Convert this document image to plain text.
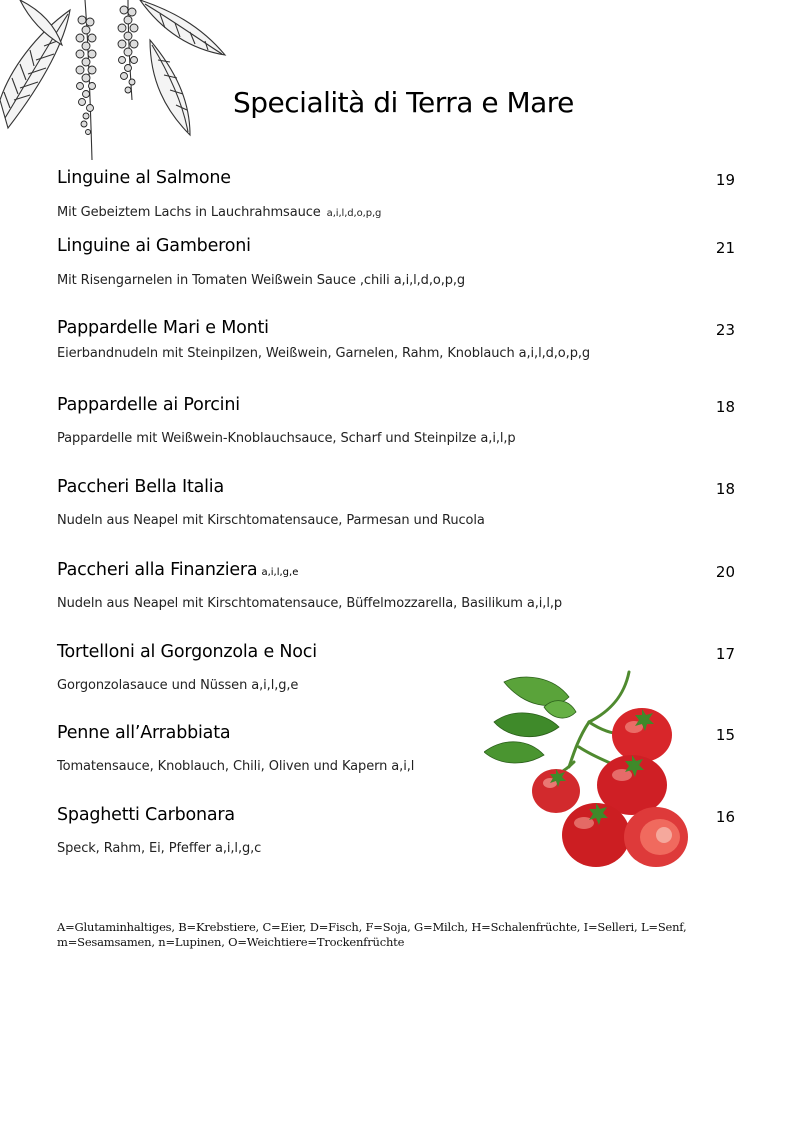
Specialità di Terra e Mare
Linguine al Salmone	19
Mit Gebeiztem Lachs in Lauchrahmsauce a,i,l,d,o,p,g
Linguine ai Gamberoni	21
Mit Risengarnelen in Tomaten Weißwein Sauce ,chili a,i,l,d,o,p,g
Pappardelle Mari e Monti	23
Eierbandnudeln mit Steinpilzen, Weißwein, Garnelen, Rahm, Knoblauch a,i,l,d,o,p,g
Pappardelle ai Porcini	18
Pappardelle mit Weißwein-Knoblauchsauce, Scharf und Steinpilze a,i,l,p
Paccheri Bella Italia	18
Nudeln aus Neapel mit Kirschtomatensauce, Parmesan und Rucola
Paccheri alla Finanziera a,i,l,g,e	20
Nudeln aus Neapel mit Kirschtomatensauce, Büffelmozzarella, Basilikum a,i,l,p
Tortelloni al Gorgonzola e Noci	17
Gorgonzolasauce und Nüssen a,i,l,g,e
Penne all’Arrabbiata	15
Tomatensauce, Knoblauch, Chili, Oliven und Kapern a,i,l
Spaghetti Carbonara	16
Speck, Rahm, Ei, Pfeffer a,i,l,g,c

A=Glutaminhaltiges, B=Krebstiere, C=Eier, D=Fisch, F=Soja, G=Milch, H=Schalenfrüchte, I=Selleri, L=Senf, m=Sesamsamen, n=Lupinen, O=Weichtiere=Trockenfrüchte
